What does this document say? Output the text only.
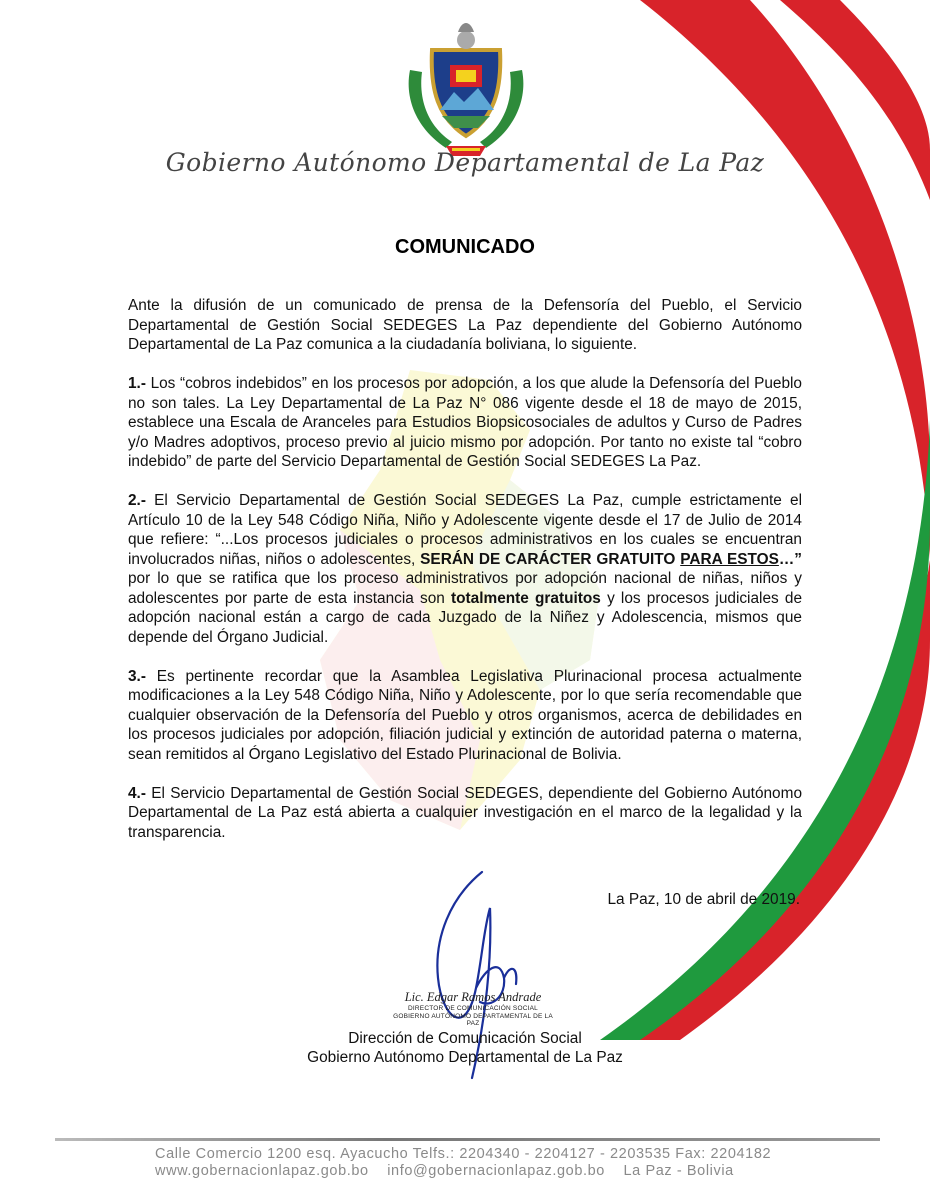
Gobierno Autónomo Departamental de La Paz
COMUNICADO

Ante la difusión de un comunicado de prensa de la Defensoría del Pueblo, el Servicio Departamental de Gestión Social SEDEGES La Paz dependiente del Gobierno Autónomo Departamental de La Paz comunica a la ciudadanía boliviana, lo siguiente.

1.- Los “cobros indebidos” en los procesos por adopción, a los que alude la Defensoría del Pueblo no son tales. La Ley Departamental de La Paz N° 086 vigente desde el 18 de mayo de 2015, establece una Escala de Aranceles para Estudios Biopsicosociales de adultos y Curso de Padres y/o Madres adoptivos, proceso previo al juicio mismo por adopción. Por tanto no existe tal “cobro indebido” de parte del Servicio Departamental de Gestión Social SEDEGES La Paz.

2.- El Servicio Departamental de Gestión Social SEDEGES La Paz, cumple estrictamente el Artículo 10 de la Ley 548 Código Niña, Niño y Adolescente vigente desde el 17 de Julio de 2014 que refiere: “...Los procesos judiciales o procesos administrativos en los cuales se encuentran involucrados niñas, niños o adolescentes, SERÁN DE CARÁCTER GRATUITO PARA ESTOS…” por lo que se ratifica que los proceso administrativos por adopción nacional de niñas, niños y adolescentes por parte de esta instancia son totalmente gratuitos y los procesos judiciales de adopción nacional están a cargo de cada Juzgado de la Niñez y Adolescencia, mismos que depende del Órgano Judicial.

3.- Es pertinente recordar que la Asamblea Legislativa Plurinacional procesa actualmente modificaciones a la Ley 548 Código Niña, Niño y Adolescente, por lo que sería recomendable que cualquier observación de la Defensoría del Pueblo y otros organismos, acerca de debilidades en los procesos judiciales por adopción, filiación judicial y extinción de autoridad paterna o materna, sean remitidos al Órgano Legislativo del Estado Plurinacional de Bolivia.

4.- El Servicio Departamental de Gestión Social SEDEGES, dependiente del Gobierno Autónomo Departamental de La Paz está abierta a cualquier investigación en el marco de la legalidad y la transparencia.

La Paz, 10 de abril de 2019.
Lic. Edgar Ramos Andrade
DIRECTOR DE COMUNICACIÓN SOCIAL
GOBIERNO AUTÓNOMO DEPARTAMENTAL DE LA PAZ
Dirección de Comunicación Social
Gobierno Autónomo Departamental de La Paz
Calle Comercio 1200 esq. Ayacucho Telfs.: 2204340 - 2204127 - 2203535 Fax: 2204182
www.gobernacionlapaz.gob.bo    info@gobernacionlapaz.gob.bo    La Paz - Bolivia
